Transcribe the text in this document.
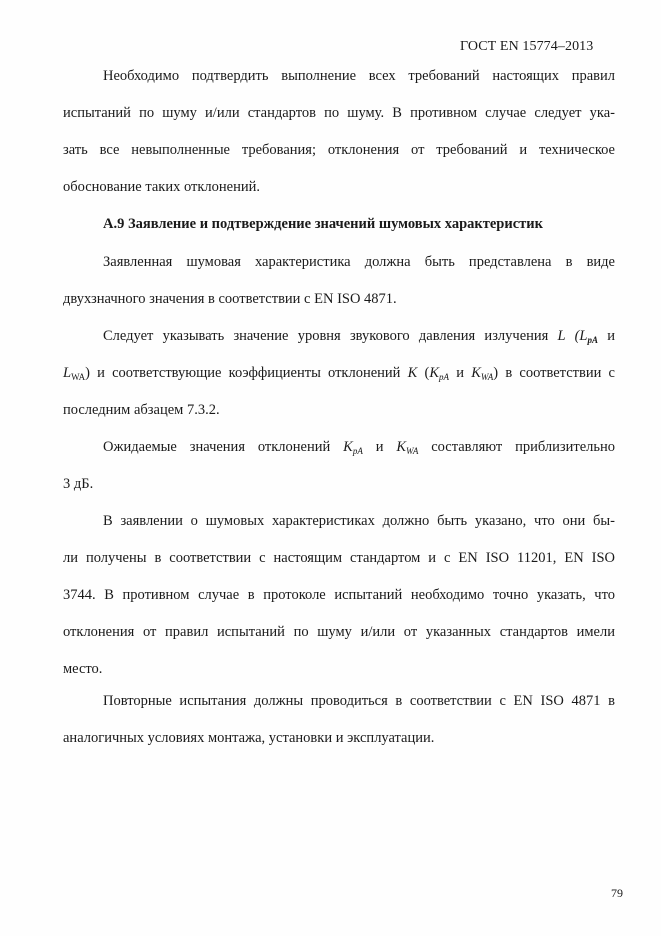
ГОСТ EN 15774–2013
Необходимо подтвердить выполнение всех требований настоящих правил
испытаний по шуму и/или стандартов по шуму. В противном случае следует ука-
зать все невыполненные требования; отклонения от требований и техническое
обоснование таких отклонений.
А.9 Заявление и подтверждение значений шумовых характеристик
Заявленная шумовая характеристика должна быть представлена в виде
двухзначного значения в соответствии с EN ISO 4871.
Следует указывать значение уровня звукового давления излучения L ($L_{pA}$ и
$L_{WA}$) и соответствующие коэффициенты отклонений K ($K_{pA}$ и $K_{WA}$) в соответствии с
последним абзацем 7.3.2.
Ожидаемые значения отклонений $K_{pA}$ и $K_{WA}$ составляют приблизительно
3 дБ.
В заявлении о шумовых характеристиках должно быть указано, что они бы-
ли получены в соответствии с настоящим стандартом и с EN ISO 11201, EN ISO
3744. В противном случае в протоколе испытаний необходимо точно указать, что
отклонения от правил испытаний по шуму и/или от указанных стандартов имели
место.
Повторные испытания должны проводиться в соответствии с EN ISO 4871 в
аналогичных условиях монтажа, установки и эксплуатации.
79
